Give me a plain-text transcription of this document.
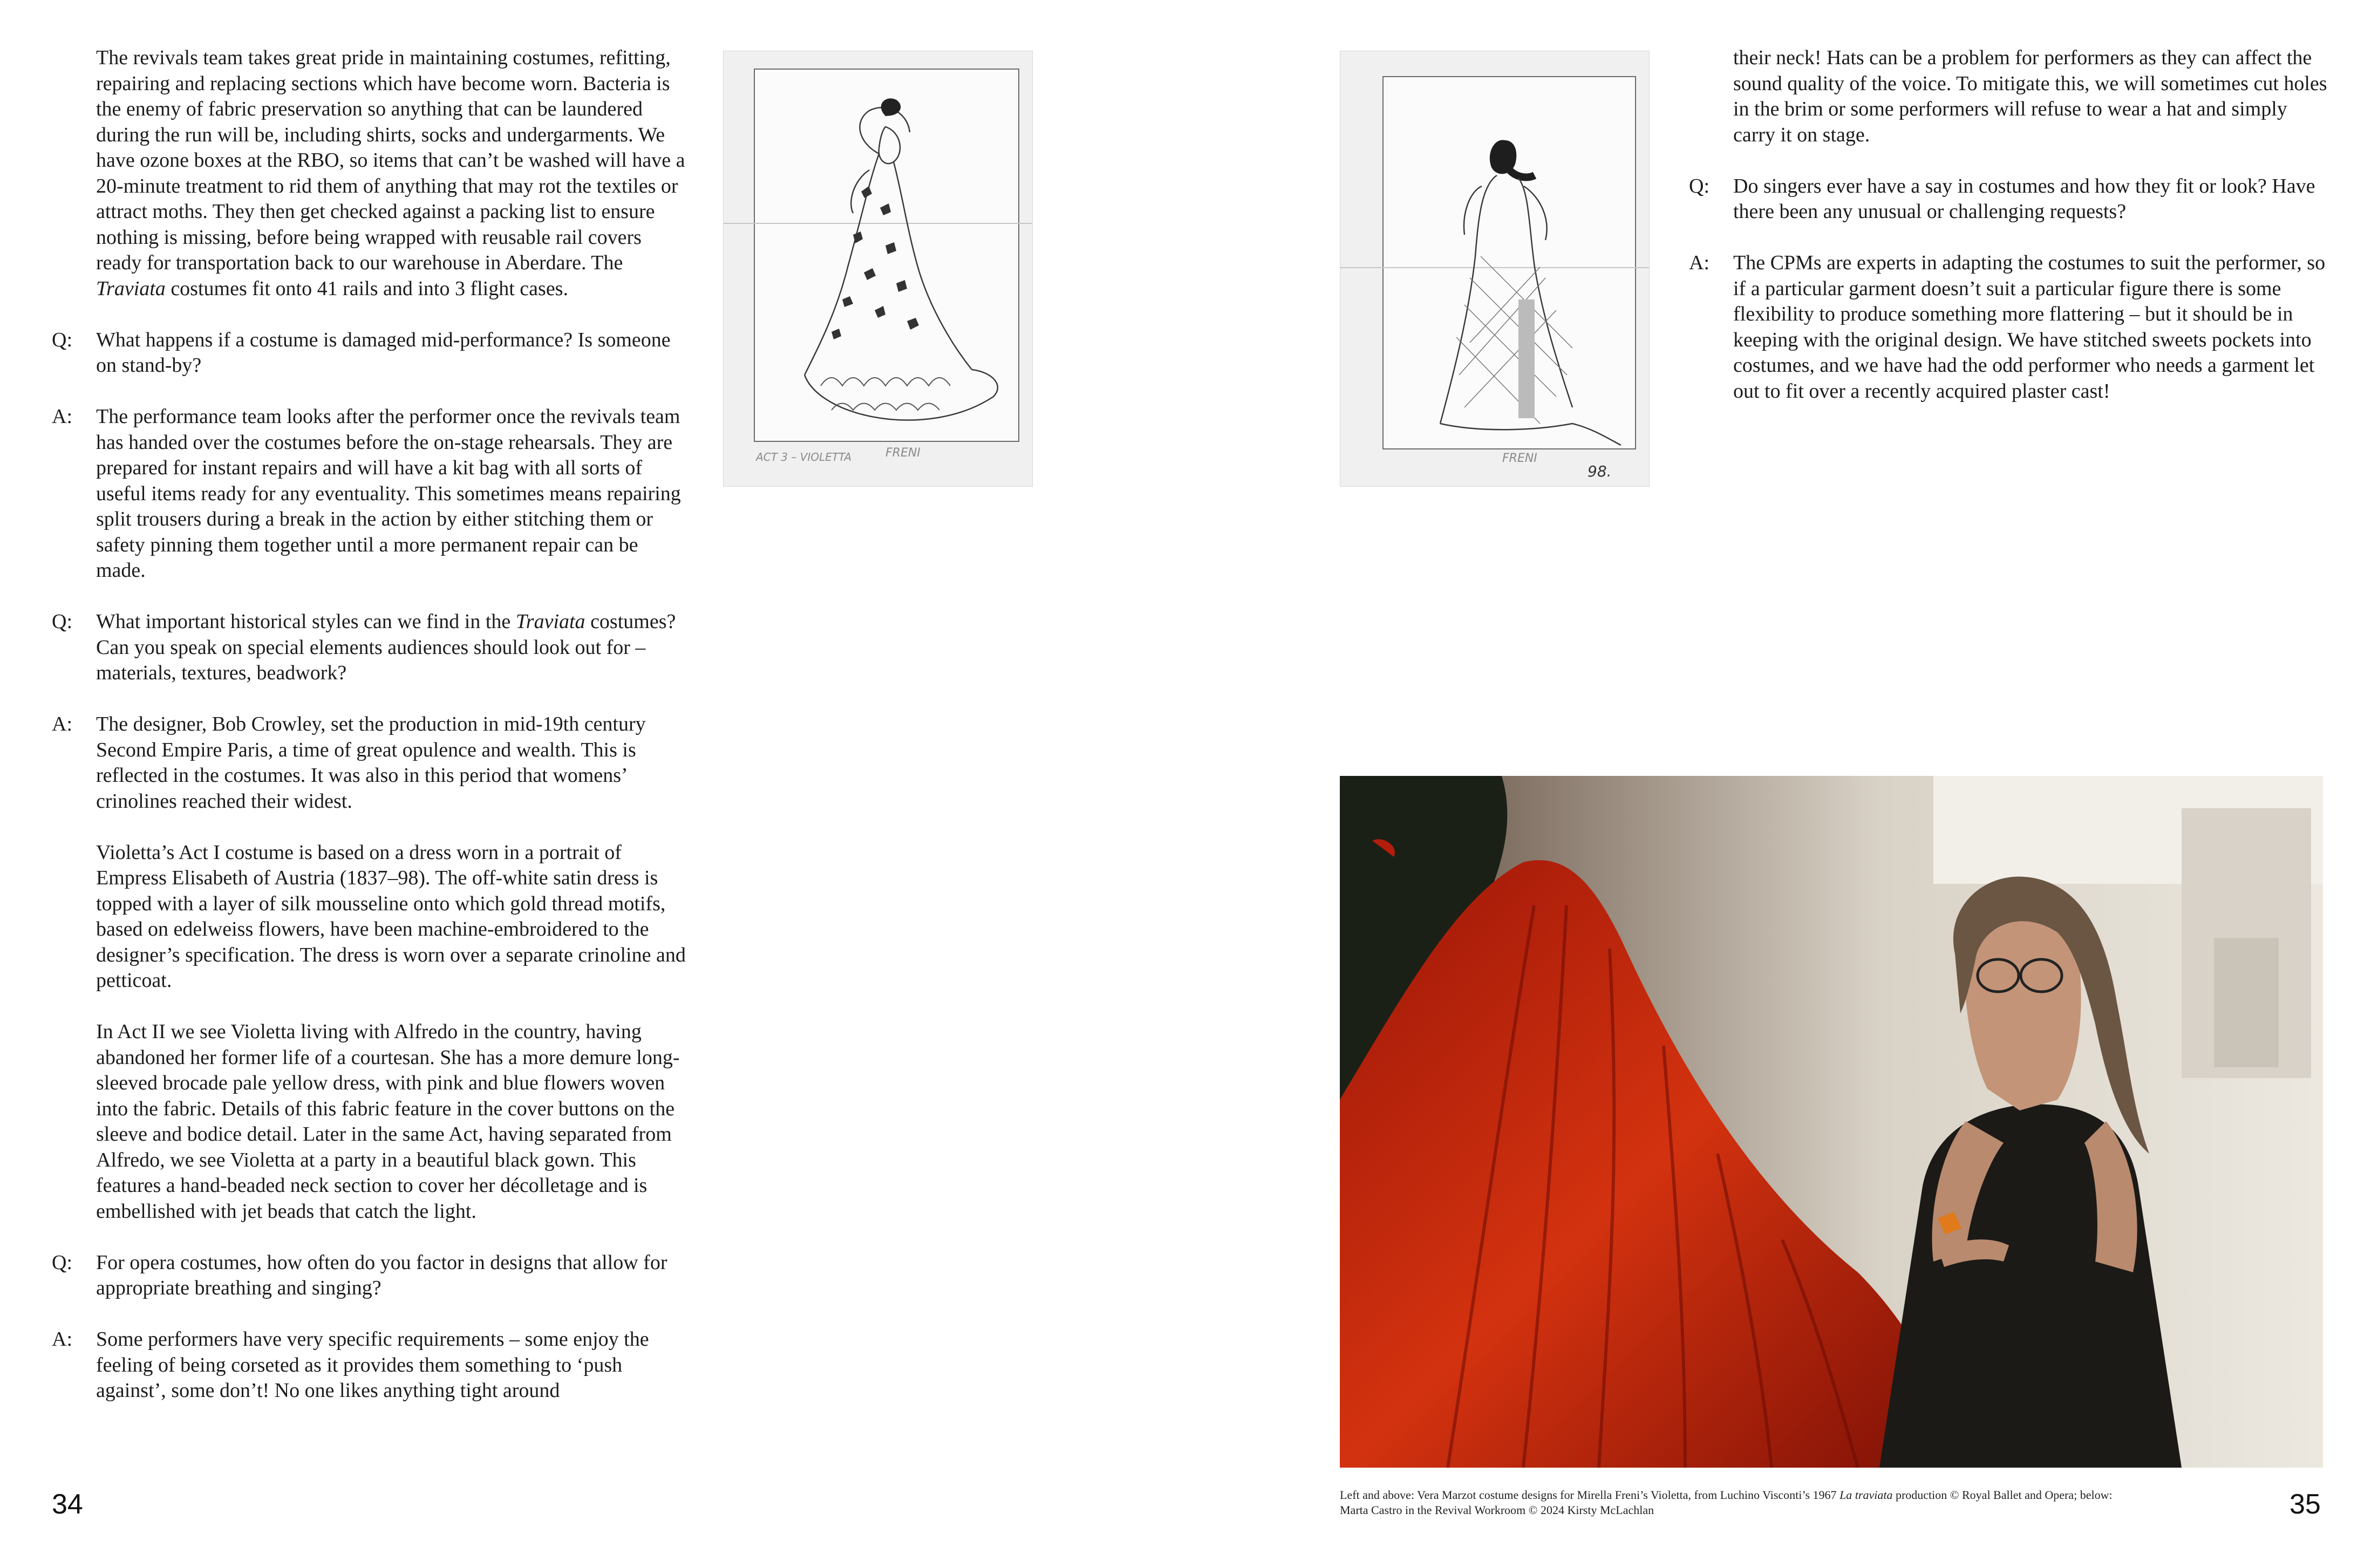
The revivals team takes great pride in maintaining costumes, refitting, repairing and replacing sections which have become worn. Bacteria is the enemy of fabric preservation so anything that can be laundered during the run will be, including shirts, socks and undergarments. We have ozone boxes at the RBO, so items that can’t be washed will have a 20-minute treatment to rid them of anything that may rot the textiles or attract moths. They then get checked against a packing list to ensure nothing is missing, before being wrapped with reusable rail covers ready for transportation back to our warehouse in Aberdare. The Traviata costumes fit onto 41 rails and into 3 flight cases.

Q:	What happens if a costume is damaged mid-performance? Is someone on stand-by?

A:	The performance team looks after the performer once the revivals team has handed over the costumes before the on-stage rehearsals. They are prepared for instant repairs and will have a kit bag with all sorts of useful items ready for any eventuality. This sometimes means repairing split trousers during a break in the action by either stitching them or safety pinning them together until a more permanent repair can be made.

Q:	What important historical styles can we find in the Traviata costumes? Can you speak on special elements audiences should look out for – materials, textures, beadwork?

A:	The designer, Bob Crowley, set the production in mid-19th century Second Empire Paris, a time of great opulence and wealth. This is reflected in the costumes. It was also in this period that womens’ crinolines reached their widest.

Violetta’s Act I costume is based on a dress worn in a portrait of Empress Elisabeth of Austria (1837–98). The off-white satin dress is topped with a layer of silk mousseline onto which gold thread motifs, based on edelweiss flowers, have been machine-embroidered to the designer’s specification. The dress is worn over a separate crinoline and petticoat.

In Act II we see Violetta living with Alfredo in the country, having abandoned her former life of a courtesan. She has a more demure long-sleeved brocade pale yellow dress, with pink and blue flowers woven into the fabric. Details of this fabric feature in the cover buttons on the sleeve and bodice detail. Later in the same Act, having separated from Alfredo, we see Violetta at a party in a beautiful black gown. This features a hand-beaded neck section to cover her décolletage and is embellished with jet beads that catch the light.

Q:	For opera costumes, how often do you factor in designs that allow for appropriate breathing and singing?

A:	Some performers have very specific requirements – some enjoy the feeling of being corseted as it provides them something to ‘push against’, some don’t! No one likes anything tight around

34
ACT 3 – VIOLETTA	FRENI	FRENI
98.

their neck! Hats can be a problem for performers as they can affect the sound quality of the voice. To mitigate this, we will sometimes cut holes in the brim or some performers will refuse to wear a hat and simply carry it on stage.

Q:	Do singers ever have a say in costumes and how they fit or look? Have there been any unusual or challenging requests?

A:	The CPMs are experts in adapting the costumes to suit the performer, so if a particular garment doesn’t suit a particular figure there is some flexibility to produce something more flattering – but it should be in keeping with the original design. We have stitched sweets pockets into costumes, and we have had the odd performer who needs a garment let out to fit over a recently acquired plaster cast!

Left and above: Vera Marzot costume designs for Mirella Freni’s Violetta, from Luchino Visconti’s 1967 La traviata production © Royal Ballet and Opera; below: Marta Castro in the Revival Workroom © 2024 Kirsty McLachlan	35
